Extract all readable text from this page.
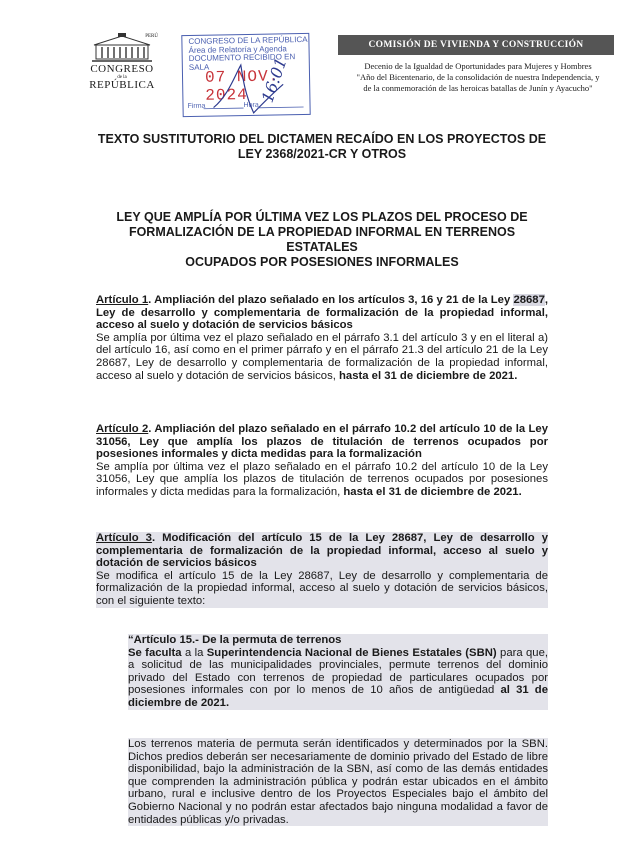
PERÚ
CONGRESO
de la
REPÚBLICA
CONGRESO DE LA REPÚBLICA
Área de Relatoría y Agenda
DOCUMENTO RECIBIDO EN SALA
07 NOV. 2024
Firma	Hora
16:01
COMISIÓN DE VIVIENDA Y CONSTRUCCIÓN
Decenio de la Igualdad de Oportunidades para Mujeres y Hombres
"Año del Bicentenario, de la consolidación de nuestra Independencia, y
de la conmemoración de las heroicas batallas de Junín y Ayacucho"
TEXTO SUSTITUTORIO DEL DICTAMEN RECAÍDO EN LOS PROYECTOS DE
LEY 2368/2021-CR Y OTROS
LEY QUE AMPLÍA POR ÚLTIMA VEZ LOS PLAZOS DEL PROCESO DE
FORMALIZACIÓN DE LA PROPIEDAD INFORMAL EN TERRENOS ESTATALES
OCUPADOS POR POSESIONES INFORMALES
Artículo 1. Ampliación del plazo señalado en los artículos 3, 16 y 21 de la Ley 28687, Ley de desarrollo y complementaria de formalización de la propiedad informal, acceso al suelo y dotación de servicios básicos
Se amplía por última vez el plazo señalado en el párrafo 3.1 del artículo 3 y en el literal a) del artículo 16, así como en el primer párrafo y en el párrafo 21.3 del artículo 21 de la Ley 28687, Ley de desarrollo y complementaria de formalización de la propiedad informal, acceso al suelo y dotación de servicios básicos, hasta el 31 de diciembre de 2021.
Artículo 2. Ampliación del plazo señalado en el párrafo 10.2 del artículo 10 de la Ley 31056, Ley que amplía los plazos de titulación de terrenos ocupados por posesiones informales y dicta medidas para la formalización
Se amplía por última vez el plazo señalado en el párrafo 10.2 del artículo 10 de la Ley 31056, Ley que amplía los plazos de titulación de terrenos ocupados por posesiones informales y dicta medidas para la formalización, hasta el 31 de diciembre de 2021.
Artículo 3. Modificación del artículo 15 de la Ley 28687, Ley de desarrollo y complementaria de formalización de la propiedad informal, acceso al suelo y dotación de servicios básicos
Se modifica el artículo 15 de la Ley 28687, Ley de desarrollo y complementaria de formalización de la propiedad informal, acceso al suelo y dotación de servicios básicos, con el siguiente texto:
“Artículo 15.- De la permuta de terrenos
Se faculta a la Superintendencia Nacional de Bienes Estatales (SBN) para que, a solicitud de las municipalidades provinciales, permute terrenos del dominio privado del Estado con terrenos de propiedad de particulares ocupados por posesiones informales con por lo menos de 10 años de antigüedad al 31 de diciembre de 2021.
Los terrenos materia de permuta serán identificados y determinados por la SBN. Dichos predios deberán ser necesariamente de dominio privado del Estado de libre disponibilidad, bajo la administración de la SBN, así como de las demás entidades que comprenden la administración pública y podrán estar ubicados en el ámbito urbano, rural e inclusive dentro de los Proyectos Especiales bajo el ámbito del Gobierno Nacional y no podrán estar afectados bajo ninguna modalidad a favor de entidades públicas y/o privadas.
